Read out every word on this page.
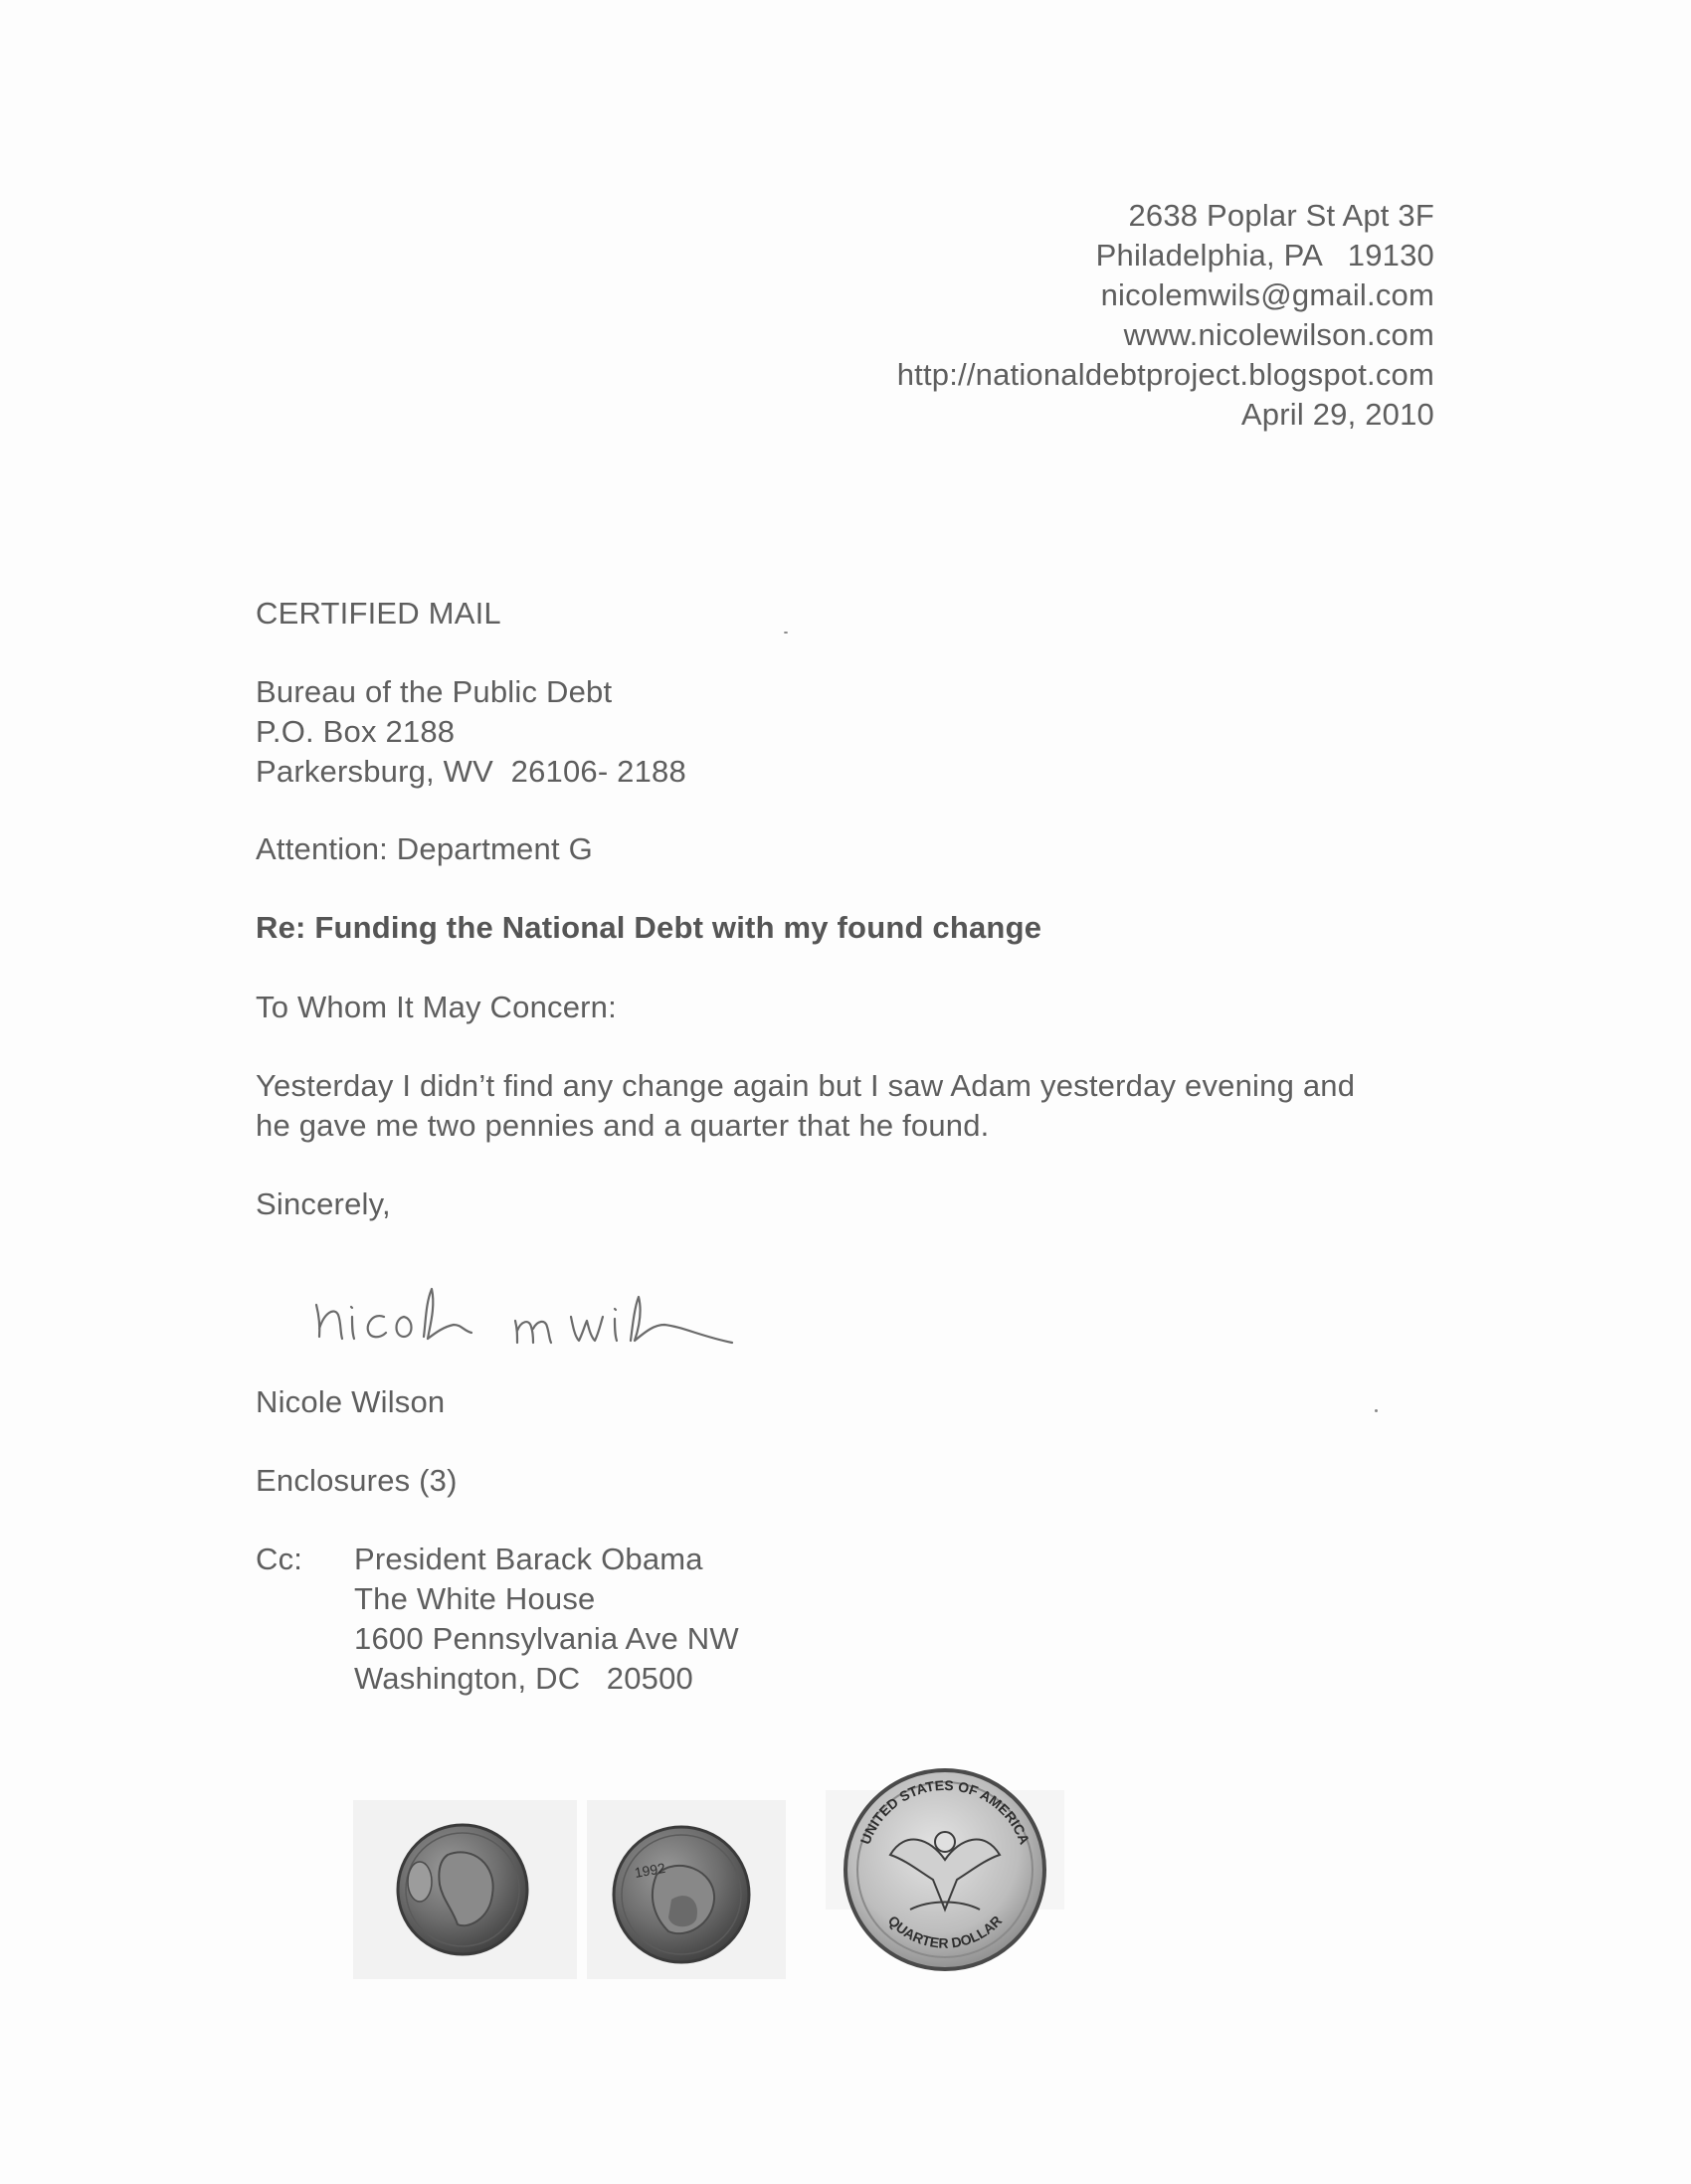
2638 Poplar St Apt 3F
Philadelphia, PA   19130
nicolemwils@gmail.com
www.nicolewilson.com
http://nationaldebtproject.blogspot.com
April 29, 2010
CERTIFIED MAIL
Bureau of the Public Debt
P.O. Box 2188
Parkersburg, WV  26106- 2188
Attention: Department G
Re: Funding the National Debt with my found change
To Whom It May Concern:
Yesterday I didn’t find any change again but I saw Adam yesterday evening and
he gave me two pennies and a quarter that he found.
Sincerely,
Nicole Wilson
Enclosures (3)
Cc: President Barack Obama
The White House
1600 Pennsylvania Ave NW
Washington, DC   20500
1992
UNITED STATES OF AMERICA
QUARTER DOLLAR
